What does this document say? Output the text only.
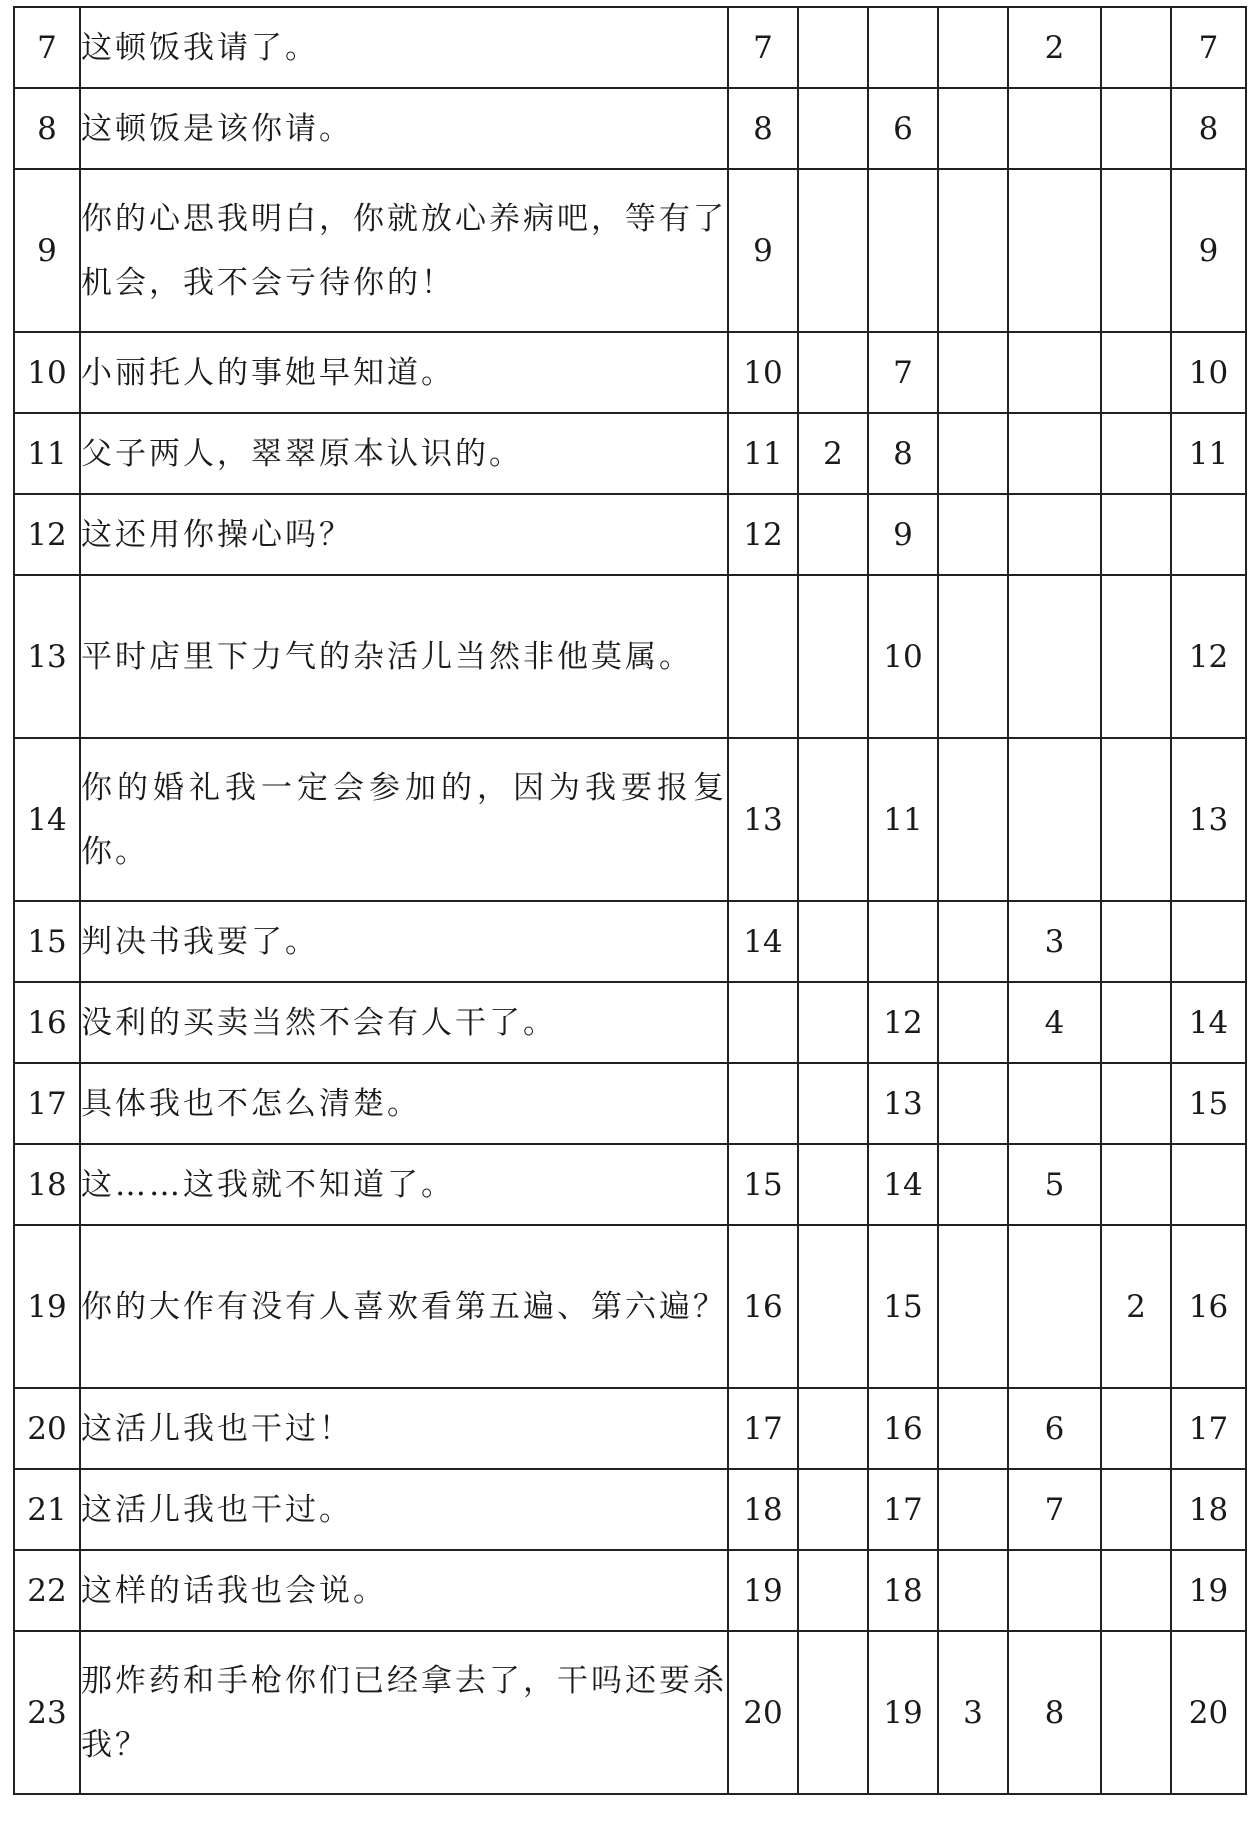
7	这顿饭我请了。	7				2		7
8	这顿饭是该你请。	8		6				8
9	你的心思我明白，你就放心养病吧，等有了机会，我不会亏待你的！	9						9
10	小丽托人的事她早知道。	10		7				10
11	父子两人，翠翠原本认识的。	11	2	8				11
12	这还用你操心吗？	12		9				
13	平时店里下力气的杂活儿当然非他莫属。			10				12
14	你的婚礼我一定会参加的，因为我要报复你。	13		11				13
15	判决书我要了。	14				3		
16	没利的买卖当然不会有人干了。			12		4		14
17	具体我也不怎么清楚。			13				15
18	这……这我就不知道了。	15		14		5		
19	你的大作有没有人喜欢看第五遍、第六遍？	16		15			2	16
20	这活儿我也干过！	17		16		6		17
21	这活儿我也干过。	18		17		7		18
22	这样的话我也会说。	19		18				19
23	那炸药和手枪你们已经拿去了，干吗还要杀我？	20		19	3	8		20
